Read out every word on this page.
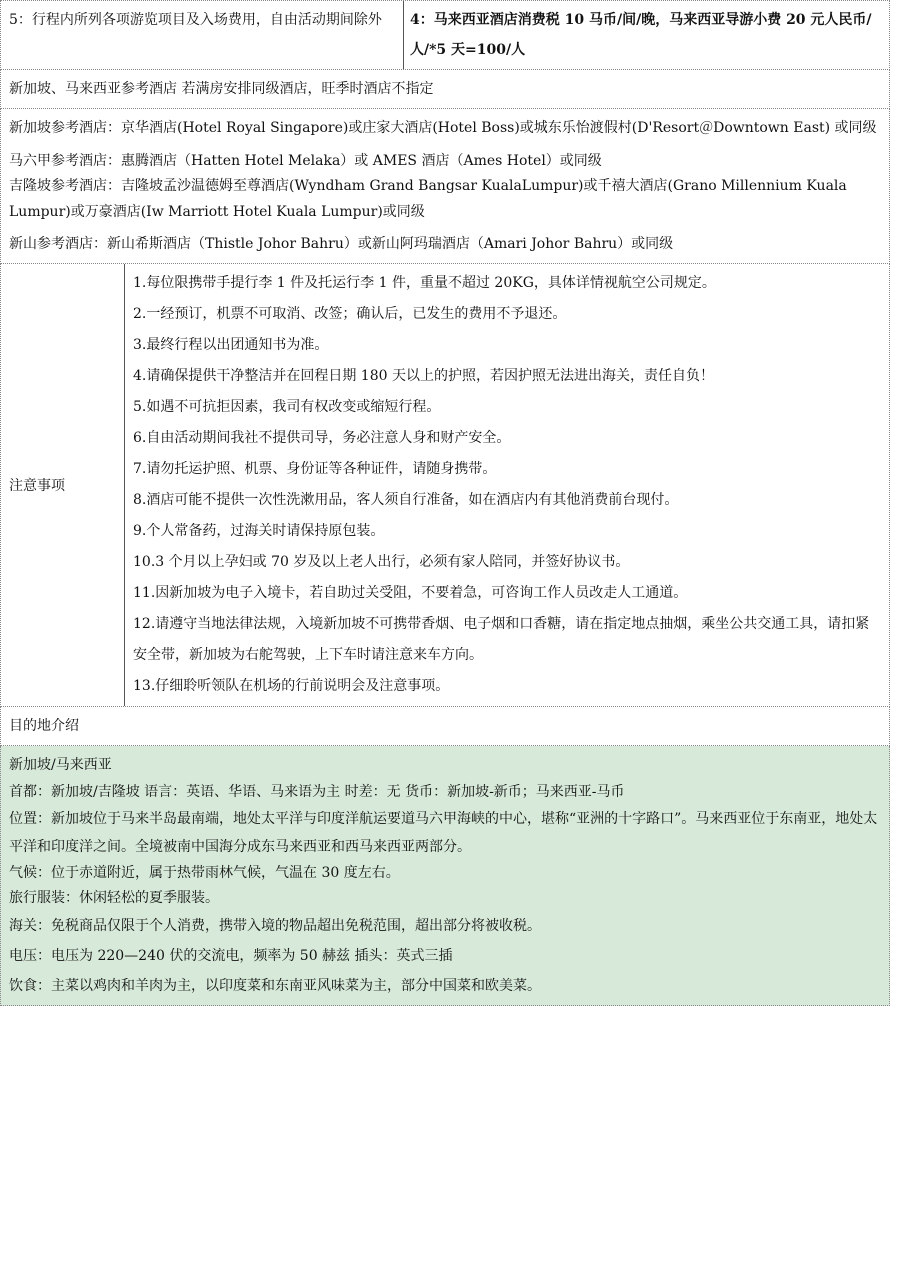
5：行程内所列各项游览项目及入场费用，自由活动期间除外	4：马来西亚酒店消费税 10 马币/间/晚，马来西亚导游小费 20 元人民币/人/*5 天=100/人
新加坡、马来西亚参考酒店 若满房安排同级酒店，旺季时酒店不指定
新加坡参考酒店：京华酒店(Hotel Royal Singapore)或庄家大酒店(Hotel Boss)或城东乐怡渡假村(D'Resort＠Downtown East) 或同级
马六甲参考酒店：惠腾酒店（Hatten Hotel Melaka）或 AMES 酒店（Ames Hotel）或同级
吉隆坡参考酒店：吉隆坡孟沙温德姆至尊酒店(Wyndham Grand Bangsar KualaLumpur)或千禧大酒店(Grano Millennium Kuala Lumpur)或万豪酒店(Iw Marriott Hotel Kuala Lumpur)或同级
新山参考酒店：新山希斯酒店（Thistle Johor Bahru）或新山阿玛瑞酒店（Amari Johor Bahru）或同级
注意事项
1.每位限携带手提行李 1 件及托运行李 1 件，重量不超过 20KG，具体详情视航空公司规定。
2.一经预订，机票不可取消、改签；确认后，已发生的费用不予退还。
3.最终行程以出团通知书为准。
4.请确保提供干净整洁并在回程日期 180 天以上的护照，若因护照无法进出海关，责任自负！
5.如遇不可抗拒因素，我司有权改变或缩短行程。
6.自由活动期间我社不提供司导，务必注意人身和财产安全。
7.请勿托运护照、机票、身份证等各种证件，请随身携带。
8.酒店可能不提供一次性洗漱用品，客人须自行准备，如在酒店内有其他消费前台现付。
9.个人常备药，过海关时请保持原包装。
10.3 个月以上孕妇或 70 岁及以上老人出行，必须有家人陪同，并签好协议书。
11.因新加坡为电子入境卡，若自助过关受阻，不要着急，可咨询工作人员改走人工通道。
12.请遵守当地法律法规，入境新加坡不可携带香烟、电子烟和口香糖，请在指定地点抽烟，乘坐公共交通工具，请扣紧安全带，新加坡为右舵驾驶，上下车时请注意来车方向。
13.仔细聆听领队在机场的行前说明会及注意事项。
目的地介绍
新加坡/马来西亚
首都：新加坡/吉隆坡 语言：英语、华语、马来语为主 时差：无 货币：新加坡-新币；马来西亚-马币
位置：新加坡位于马来半岛最南端，地处太平洋与印度洋航运要道马六甲海峡的中心，堪称“亚洲的十字路口”。马来西亚位于东南亚，地处太平洋和印度洋之间。全境被南中国海分成东马来西亚和西马来西亚两部分。
气候：位于赤道附近，属于热带雨林气候，气温在 30 度左右。
旅行服装：休闲轻松的夏季服装。
海关：免税商品仅限于个人消费，携带入境的物品超出免税范围，超出部分将被收税。
电压：电压为 220—240 伏的交流电，频率为 50 赫兹 插头：英式三插
饮食：主菜以鸡肉和羊肉为主，以印度菜和东南亚风味菜为主，部分中国菜和欧美菜。
